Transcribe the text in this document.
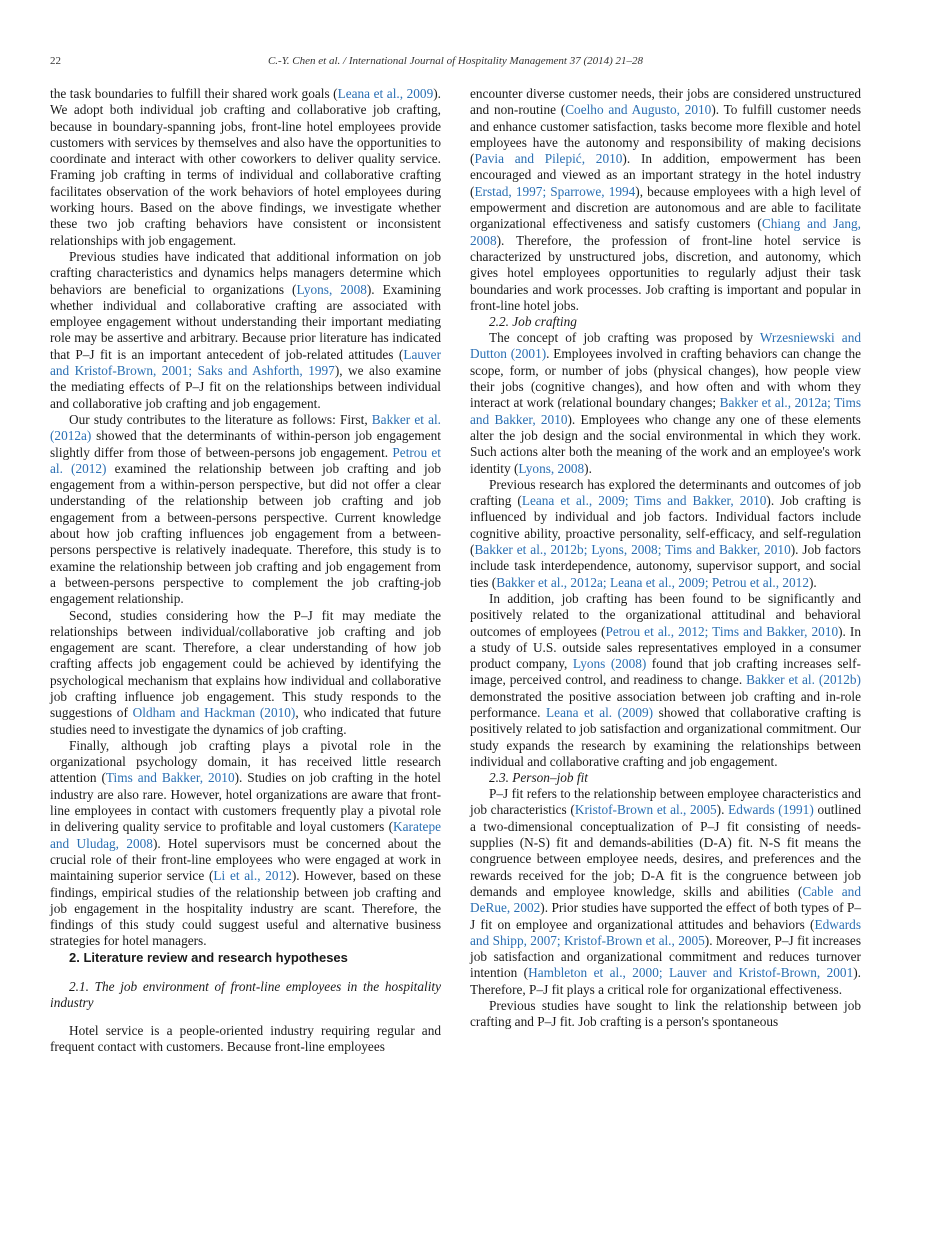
22	C.-Y. Chen et al. / International Journal of Hospitality Management 37 (2014) 21–28

the task boundaries to fulfill their shared work goals (Leana et al., 2009). We adopt both individual job crafting and collaborative job crafting, because in boundary-spanning jobs, front-line hotel employees provide customers with services by themselves and also have the opportunities to coordinate and interact with other coworkers to deliver quality service. Framing job crafting in terms of individual and collaborative crafting facilitates observation of the work behaviors of hotel employees during working hours. Based on the above findings, we investigate whether these two job crafting behaviors have consistent or inconsistent relationships with job engagement.

Previous studies have indicated that additional information on job crafting characteristics and dynamics helps managers determine which behaviors are beneficial to organizations (Lyons, 2008). Examining whether individual and collaborative crafting are associated with employee engagement without understanding their important mediating role may be assertive and arbitrary. Because prior literature has indicated that P–J fit is an important antecedent of job-related attitudes (Lauver and Kristof-Brown, 2001; Saks and Ashforth, 1997), we also examine the mediating effects of P–J fit on the relationships between individual and collaborative job crafting and job engagement.

Our study contributes to the literature as follows: First, Bakker et al. (2012a) showed that the determinants of within-person job engagement slightly differ from those of between-persons job engagement. Petrou et al. (2012) examined the relationship between job crafting and job engagement from a within-person perspective, but did not offer a clear understanding of the relationship between job crafting and job engagement from a between-persons perspective. Current knowledge about how job crafting influences job engagement from a between-persons perspective is relatively inadequate. Therefore, this study is to examine the relationship between job crafting and job engagement from a between-persons perspective to complement the job crafting-job engagement relationship.

Second, studies considering how the P–J fit may mediate the relationships between individual/collaborative job crafting and job engagement are scant. Therefore, a clear understanding of how job crafting affects job engagement could be achieved by identifying the psychological mechanism that explains how individual and collaborative job crafting influence job engagement. This study responds to the suggestions of Oldham and Hackman (2010), who indicated that future studies need to investigate the dynamics of job crafting.

Finally, although job crafting plays a pivotal role in the organizational psychology domain, it has received little research attention (Tims and Bakker, 2010). Studies on job crafting in the hotel industry are also rare. However, hotel organizations are aware that front-line employees in contact with customers frequently play a pivotal role in delivering quality service to profitable and loyal customers (Karatepe and Uludag, 2008). Hotel supervisors must be concerned about the crucial role of their front-line employees who were engaged at work in maintaining superior service (Li et al., 2012). However, based on these findings, empirical studies of the relationship between job crafting and job engagement in the hospitality industry are scant. Therefore, the findings of this study could suggest useful and alternative business strategies for hotel managers.

2. Literature review and research hypotheses

2.1. The job environment of front-line employees in the hospitality industry

Hotel service is a people-oriented industry requiring regular and frequent contact with customers. Because front-line employees

encounter diverse customer needs, their jobs are considered unstructured and non-routine (Coelho and Augusto, 2010). To fulfill customer needs and enhance customer satisfaction, tasks become more flexible and hotel employees have the autonomy and responsibility of making decisions (Pavia and Pilepić, 2010). In addition, empowerment has been encouraged and viewed as an important strategy in the hotel industry (Erstad, 1997; Sparrowe, 1994), because employees with a high level of empowerment and discretion are autonomous and are able to facilitate organizational effectiveness and satisfy customers (Chiang and Jang, 2008). Therefore, the profession of front-line hotel service is characterized by unstructured jobs, discretion, and autonomy, which gives hotel employees opportunities to regularly adjust their task boundaries and work processes. Job crafting is important and popular in front-line hotel jobs.

2.2. Job crafting

The concept of job crafting was proposed by Wrzesniewski and Dutton (2001). Employees involved in crafting behaviors can change the scope, form, or number of jobs (physical changes), how people view their jobs (cognitive changes), and how often and with whom they interact at work (relational boundary changes; Bakker et al., 2012a; Tims and Bakker, 2010). Employees who change any one of these elements alter the job design and the social environmental in which they work. Such actions alter both the meaning of the work and an employee's work identity (Lyons, 2008).

Previous research has explored the determinants and outcomes of job crafting (Leana et al., 2009; Tims and Bakker, 2010). Job crafting is influenced by individual and job factors. Individual factors include cognitive ability, proactive personality, self-efficacy, and self-regulation (Bakker et al., 2012b; Lyons, 2008; Tims and Bakker, 2010). Job factors include task interdependence, autonomy, supervisor support, and social ties (Bakker et al., 2012a; Leana et al., 2009; Petrou et al., 2012).

In addition, job crafting has been found to be significantly and positively related to the organizational attitudinal and behavioral outcomes of employees (Petrou et al., 2012; Tims and Bakker, 2010). In a study of U.S. outside sales representatives employed in a consumer product company, Lyons (2008) found that job crafting increases self-image, perceived control, and readiness to change. Bakker et al. (2012b) demonstrated the positive association between job crafting and in-role performance. Leana et al. (2009) showed that collaborative crafting is positively related to job satisfaction and organizational commitment. Our study expands the research by examining the relationships between individual and collaborative crafting and job engagement.

2.3. Person–job fit

P–J fit refers to the relationship between employee characteristics and job characteristics (Kristof-Brown et al., 2005). Edwards (1991) outlined a two-dimensional conceptualization of P–J fit consisting of needs-supplies (N-S) fit and demands-abilities (D-A) fit. N-S fit means the congruence between employee needs, desires, and preferences and the rewards received for the job; D-A fit is the congruence between job demands and employee knowledge, skills and abilities (Cable and DeRue, 2002). Prior studies have supported the effect of both types of P–J fit on employee and organizational attitudes and behaviors (Edwards and Shipp, 2007; Kristof-Brown et al., 2005). Moreover, P–J fit increases job satisfaction and organizational commitment and reduces turnover intention (Hambleton et al., 2000; Lauver and Kristof-Brown, 2001). Therefore, P–J fit plays a critical role for organizational effectiveness.

Previous studies have sought to link the relationship between job crafting and P–J fit. Job crafting is a person's spontaneous
